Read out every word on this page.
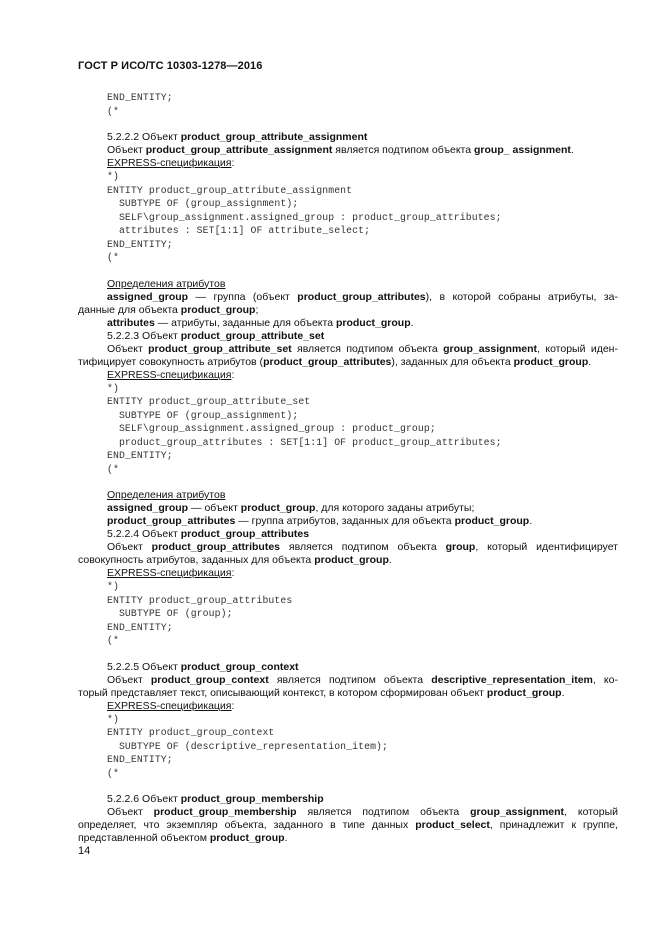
ГОСТ Р ИСО/ТС 10303-1278—2016
END_ENTITY;
(*
5.2.2.2 Объект product_group_attribute_assignment
Объект product_group_attribute_assignment является подтипом объекта group_ assignment.
EXPRESS-спецификация:
*)
ENTITY product_group_attribute_assignment
SUBTYPE OF (group_assignment);
SELF\group_assignment.assigned_group : product_group_attributes;
attributes : SET[1:1] OF attribute_select;
END_ENTITY;
(*
Определения атрибутов
assigned_group — группа (объект product_group_attributes), в которой собраны атрибуты, за-
данные для объекта product_group;
attributes — атрибуты, заданные для объекта product_group.
5.2.2.3 Объект product_group_attribute_set
Объект product_group_attribute_set является подтипом объекта group_assignment, который иден-
тифицирует совокупность атрибутов (product_group_attributes), заданных для объекта product_group.
EXPRESS-спецификация:
*)
ENTITY product_group_attribute_set
SUBTYPE OF (group_assignment);
SELF\group_assignment.assigned_group : product_group;
product_group_attributes : SET[1:1] OF product_group_attributes;
END_ENTITY;
(*
Определения атрибутов
assigned_group — объект product_group, для которого заданы атрибуты;
product_group_attributes — группа атрибутов, заданных для объекта product_group.
5.2.2.4 Объект product_group_attributes
Объект product_group_attributes является подтипом объекта group, который идентифицирует
совокупность атрибутов, заданных для объекта product_group.
EXPRESS-спецификация:
*)
ENTITY product_group_attributes
SUBTYPE OF (group);
END_ENTITY;
(*
5.2.2.5 Объект product_group_context
Объект product_group_context является подтипом объекта descriptive_representation_item, ко-
торый представляет текст, описывающий контекст, в котором сформирован объект product_group.
EXPRESS-спецификация:
*)
ENTITY product_group_context
SUBTYPE OF (descriptive_representation_item);
END_ENTITY;
(*
5.2.2.6 Объект product_group_membership
Объект product_group_membership является подтипом объекта group_assignment, который
определяет, что экземпляр объекта, заданного в типе данных product_select, принадлежит к группе,
представленной объектом product_group.
14
